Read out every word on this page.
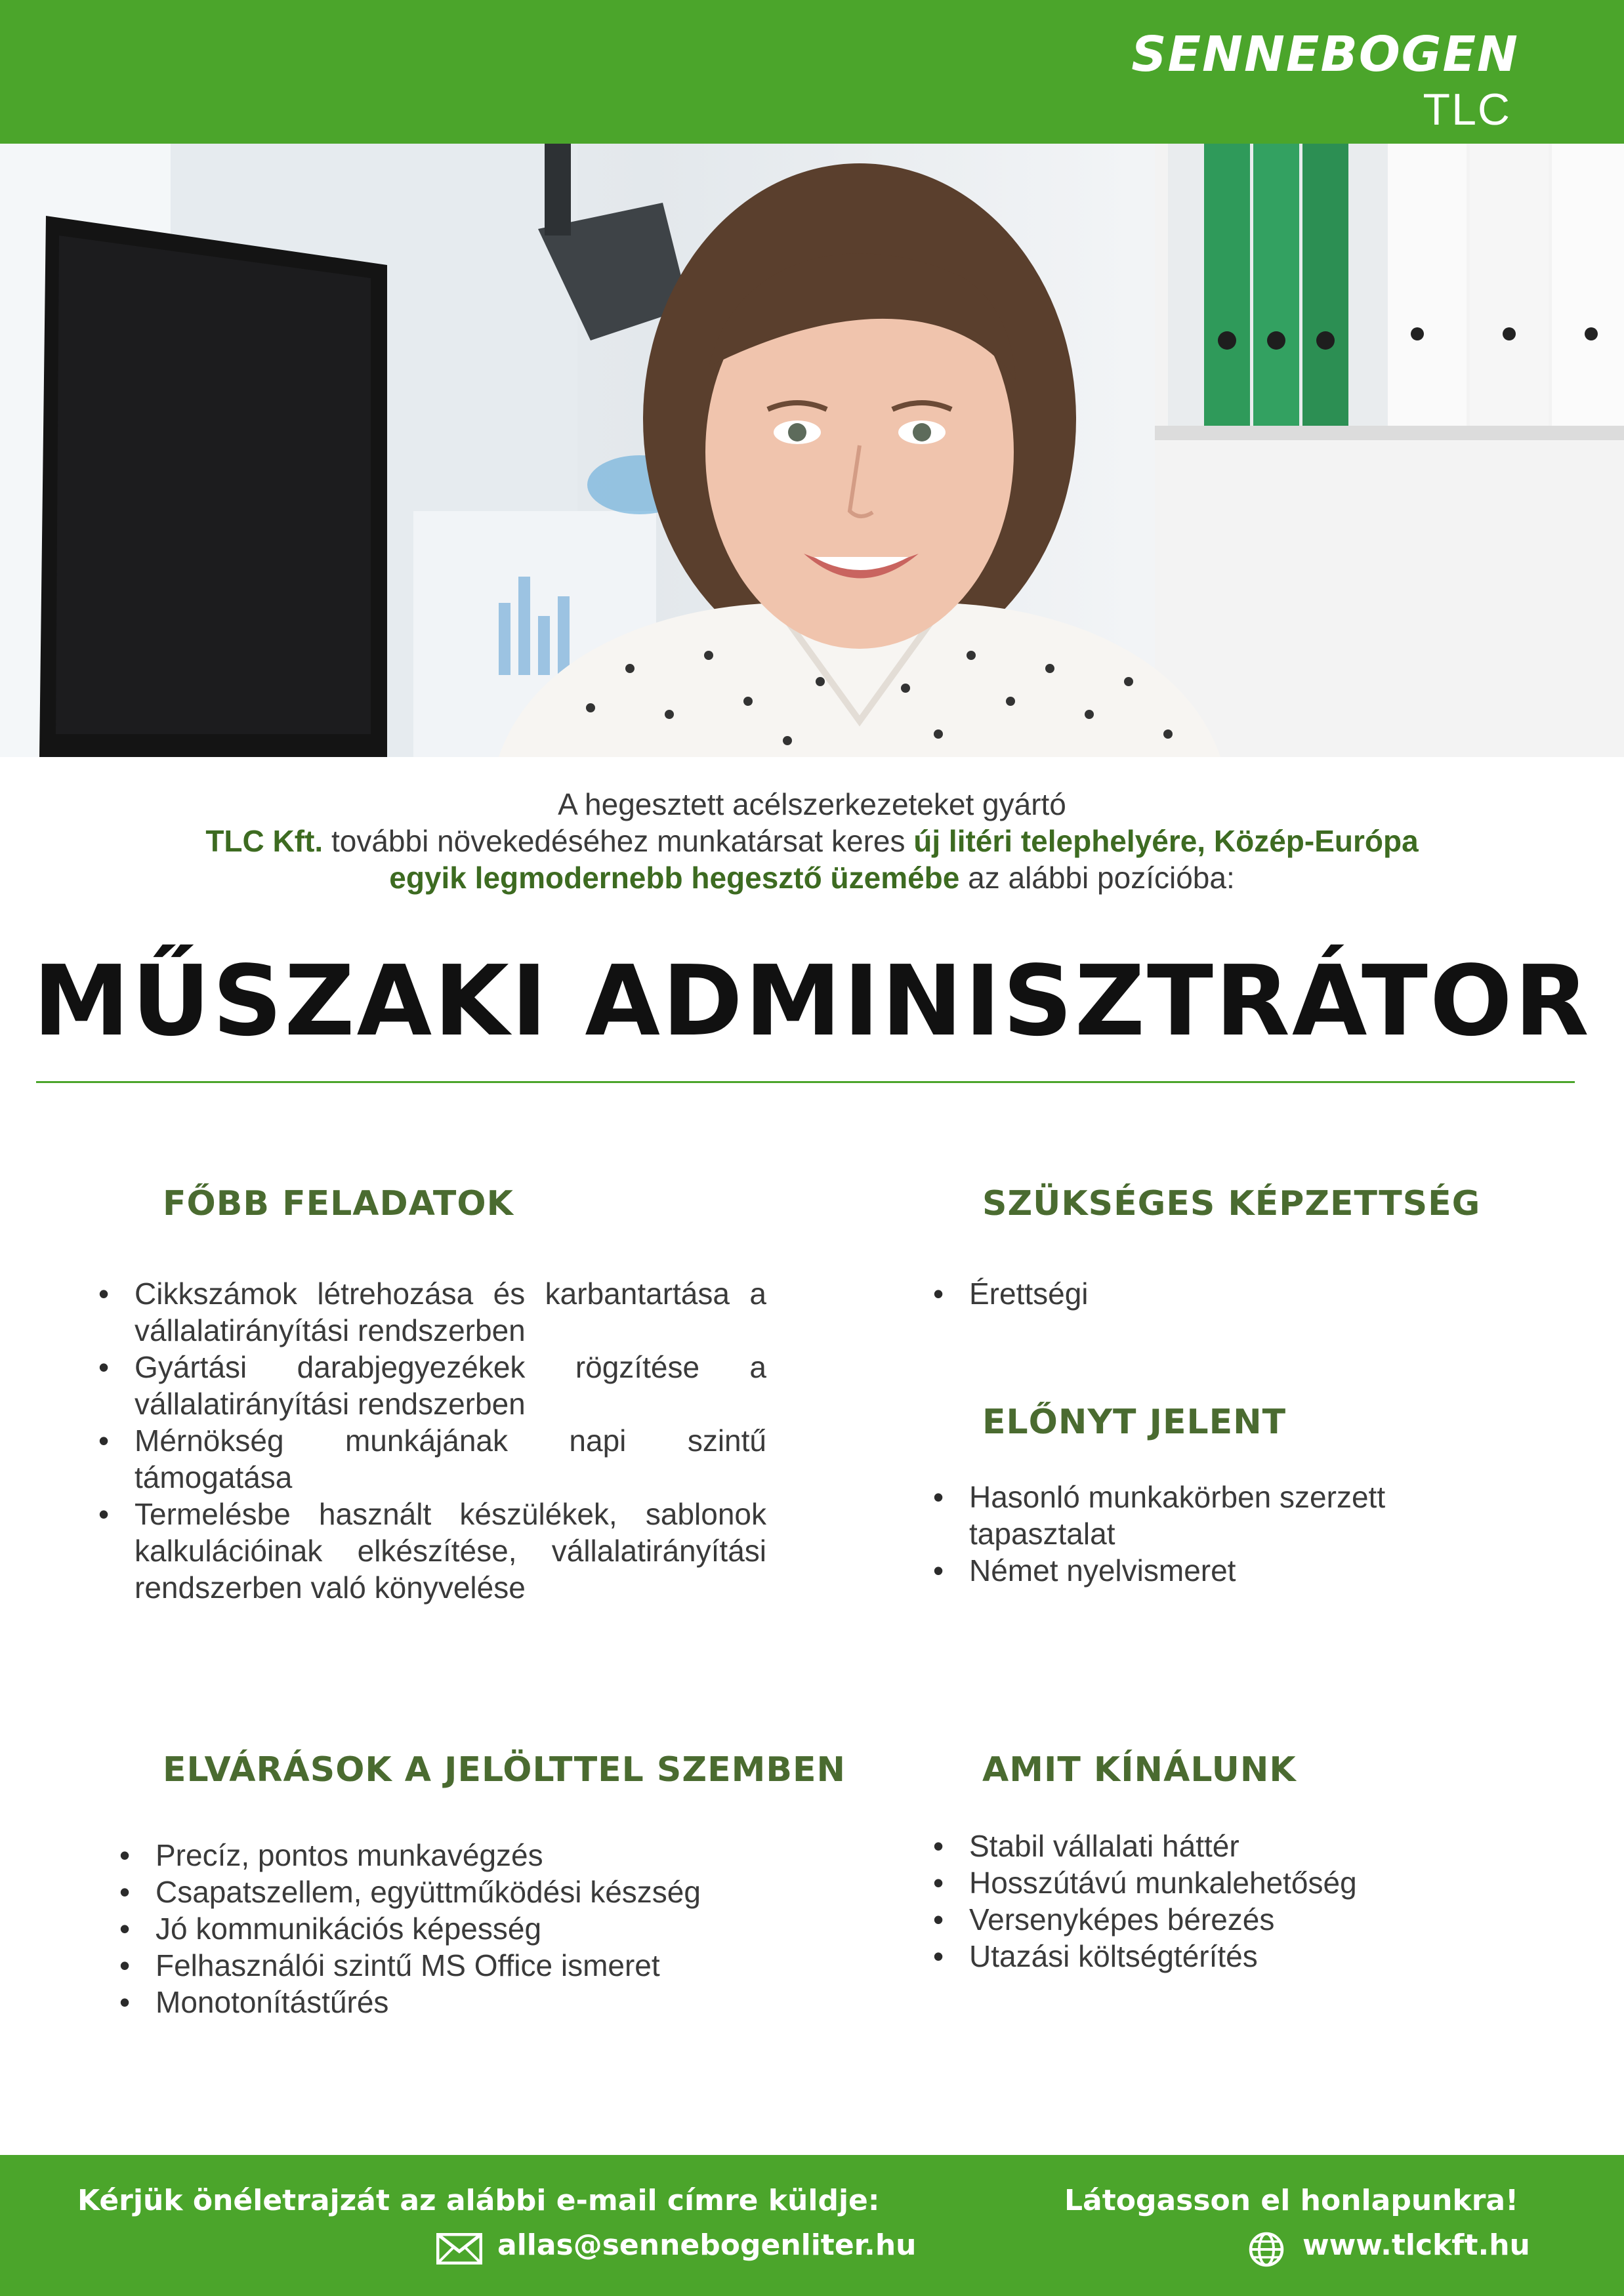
SENNEBOGEN
TLC
A hegesztett acélszerkezeteket gyártó
TLC Kft. további növekedéséhez munkatársat keres új litéri telephelyére, Közép-Európa
egyik legmodernebb hegesztő üzemébe az alábbi pozícióba:
MŰSZAKI ADMINISZTRÁTOR
FŐBB FELADATOK
• Cikkszámok létrehozása és karbantartása a vállalatirányítási rendszerben
• Gyártási darabjegyezékek rögzítése a vállalatirányítási rendszerben
• Mérnökség munkájának napi szintű támogatása
• Termelésbe használt készülékek, sablonok kalkulációinak elkészítése, vállalatirányítási rendszerben való könyvelése
SZÜKSÉGES KÉPZETTSÉG
• Érettségi
ELŐNYT JELENT
• Hasonló munkakörben szerzett tapasztalat
• Német nyelvismeret
ELVÁRÁSOK A JELÖLTTEL SZEMBEN
• Precíz, pontos munkavégzés
• Csapatszellem, együttműködési készség
• Jó kommunikációs képesség
• Felhasználói szintű MS Office ismeret
• Monotonítástűrés
AMIT KÍNÁLUNK
• Stabil vállalati háttér
• Hosszútávú munkalehetőség
• Versenyképes bérezés
• Utazási költségtérítés
Kérjük önéletrajzát az alábbi e-mail címre küldje:
allas@sennebogenliter.hu
Látogasson el honlapunkra!
www.tlckft.hu
